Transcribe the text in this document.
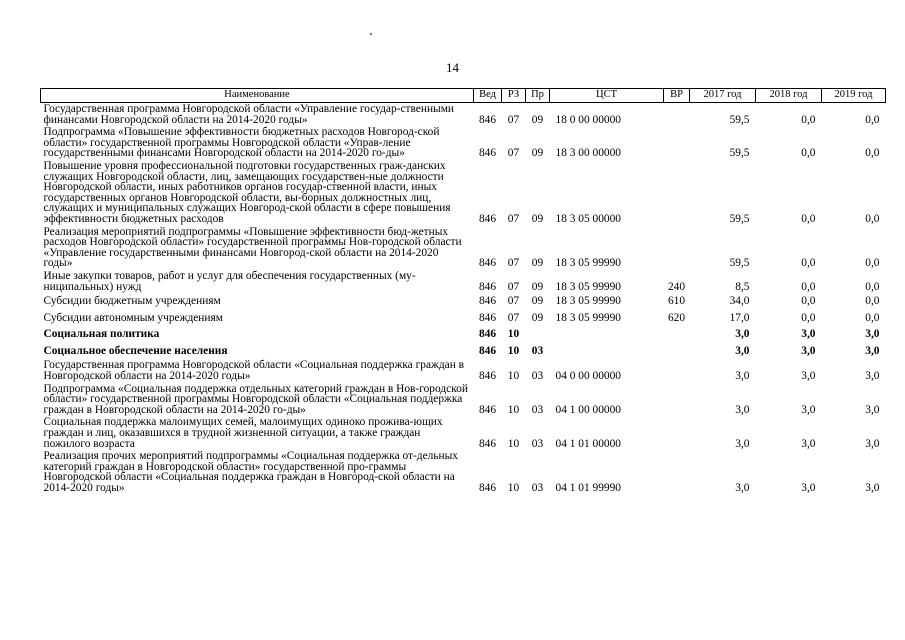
14
Наименование	Вед	РЗ	Пр	ЦСТ	ВР	2017 год	2018 год	2019 год
Государственная программа Новгородской области «Управление государ-ственными финансами Новгородской области на 2014-2020 годы»	846	07	09	18 0 00 00000		59,5	0,0	0,0
Подпрограмма «Повышение эффективности бюджетных расходов Новгород-ской области» государственной программы Новгородской области «Управ-ление государственными финансами Новгородской области на 2014-2020 го-ды»	846	07	09	18 3 00 00000		59,5	0,0	0,0
Повышение уровня профессиональной подготовки государственных граж-данских служащих Новгородской области, лиц, замещающих государствен-ные должности Новгородской области, иных работников органов государ-ственной власти, иных государственных органов Новгородской области, вы-борных должностных лиц, служащих и муниципальных служащих Новгород-ской области в сфере повышения эффективности бюджетных расходов	846	07	09	18 3 05 00000		59,5	0,0	0,0
Реализация мероприятий подпрограммы «Повышение эффективности бюд-жетных расходов Новгородской области» государственной программы Нов-городской области «Управление государственными финансами Новгород-ской области на 2014-2020 годы»	846	07	09	18 3 05 99990		59,5	0,0	0,0
Иные закупки товаров, работ и услуг для обеспечения государственных (му-ниципальных) нужд	846	07	09	18 3 05 99990	240	8,5	0,0	0,0
Субсидии бюджетным учреждениям	846	07	09	18 3 05 99990	610	34,0	0,0	0,0
Субсидии автономным учреждениям	846	07	09	18 3 05 99990	620	17,0	0,0	0,0
Социальная политика	846	10				3,0	3,0	3,0
Социальное обеспечение населения	846	10	03			3,0	3,0	3,0
Государственная программа Новгородской области «Социальная поддержка граждан в Новгородской области на 2014-2020 годы»	846	10	03	04 0 00 00000		3,0	3,0	3,0
Подпрограмма «Социальная поддержка отдельных категорий граждан в Нов-городской области» государственной программы Новгородской области «Социальная поддержка граждан в Новгородской области на 2014-2020 го-ды»	846	10	03	04 1 00 00000		3,0	3,0	3,0
Социальная поддержка малоимущих семей, малоимущих одиноко прожива-ющих граждан и лиц, оказавшихся в трудной жизненной ситуации, а также граждан пожилого возраста	846	10	03	04 1 01 00000		3,0	3,0	3,0
Реализация прочих мероприятий подпрограммы «Социальная поддержка от-дельных категорий граждан в Новгородской области» государственной про-граммы Новгородской области «Социальная поддержка граждан в Новгород-ской области на 2014-2020 годы»	846	10	03	04 1 01 99990		3,0	3,0	3,0
